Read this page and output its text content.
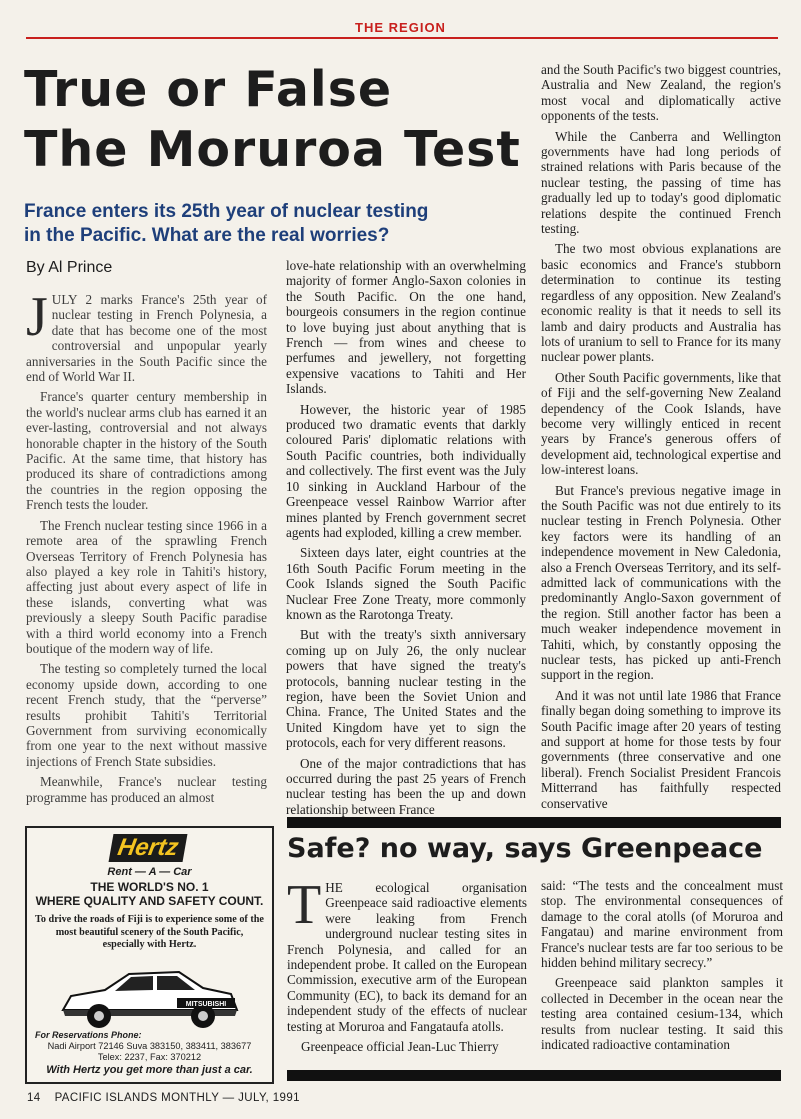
THE REGION
True or False
The Moruroa Test
France enters its 25th year of nuclear testing
in the Pacific. What are the real worries?
By Al Prince

JULY 2 marks France's 25th year of nuclear testing in French Polynesia, a date that has become one of the most controversial and unpopular yearly anniversaries in the South Pacific since the end of World War II.

France's quarter century membership in the world's nuclear arms club has earned it an ever-lasting, controversial and not always honorable chapter in the history of the South Pacific. At the same time, that history has produced its share of contradictions among the countries in the region opposing the French tests the louder.

The French nuclear testing since 1966 in a remote area of the sprawling French Overseas Territory of French Polynesia has also played a key role in Tahiti's history, affecting just about every aspect of life in these islands, converting what was previously a sleepy South Pacific paradise with a third world economy into a French boutique of the modern way of life.

The testing so completely turned the local economy upside down, according to one recent French study, that the “perverse” results prohibit Tahiti's Territorial Government from surviving economically from one year to the next without massive injections of French State subsidies.

Meanwhile, France's nuclear testing programme has produced an almost

love-hate relationship with an overwhelming majority of former Anglo-Saxon colonies in the South Pacific. On the one hand, bourgeois consumers in the region continue to love buying just about anything that is French — from wines and cheese to perfumes and jewellery, not forgetting expensive vacations to Tahiti and Her Islands.

However, the historic year of 1985 produced two dramatic events that darkly coloured Paris' diplomatic relations with South Pacific countries, both individually and collectively. The first event was the July 10 sinking in Auckland Harbour of the Greenpeace vessel Rainbow Warrior after mines planted by French government secret agents had exploded, killing a crew member.

Sixteen days later, eight countries at the 16th South Pacific Forum meeting in the Cook Islands signed the South Pacific Nuclear Free Zone Treaty, more commonly known as the Rarotonga Treaty.

But with the treaty's sixth anniversary coming up on July 26, the only nuclear powers that have signed the treaty's protocols, banning nuclear testing in the region, have been the Soviet Union and China. France, The United States and the United Kingdom have yet to sign the protocols, each for very different reasons.

One of the major contradictions that has occurred during the past 25 years of French nuclear testing has been the up and down relationship between France

and the South Pacific's two biggest countries, Australia and New Zealand, the region's most vocal and diplomatically active opponents of the tests.

While the Canberra and Wellington governments have had long periods of strained relations with Paris because of the nuclear testing, the passing of time has gradually led up to today's good diplomatic relations despite the continued French testing.

The two most obvious explanations are basic economics and France's stubborn determination to continue its testing regardless of any opposition. New Zealand's economic reality is that it needs to sell its lamb and dairy products and Australia has lots of uranium to sell to France for its many nuclear power plants.

Other South Pacific governments, like that of Fiji and the self-governing New Zealand dependency of the Cook Islands, have become very willingly enticed in recent years by France's generous offers of development aid, technological expertise and low-interest loans.

But France's previous negative image in the South Pacific was not due entirely to its nuclear testing in French Polynesia. Other key factors were its handling of an independence movement in New Caledonia, also a French Overseas Territory, and its self-admitted lack of communications with the predominantly Anglo-Saxon government of the region. Still another factor has been a much weaker independence movement in Tahiti, which, by constantly opposing the nuclear tests, has picked up anti-French support in the region.

And it was not until late 1986 that France finally began doing something to improve its South Pacific image after 20 years of testing and support at home for those tests by four governments (three conservative and one liberal). French Socialist President Francois Mitterrand has faithfully respected conservative

Hertz
Rent — A — Car
THE WORLD'S NO. 1
WHERE QUALITY AND SAFETY COUNT.
To drive the roads of Fiji is to experience some of the most beautiful scenery of the South Pacific, especially with Hertz.
MITSUBISHI
For Reservations Phone:
Nadi Airport 72146 Suva 383150, 383411, 383677
Telex: 2237, Fax: 370212
With Hertz you get more than just a car.
Safe? no way, says Greenpeace

THE ecological organisation Greenpeace said radioactive elements were leaking from French underground nuclear testing sites in French Polynesia, and called for an independent probe. It called on the European Commission, executive arm of the European Community (EC), to back its demand for an independent study of the effects of nuclear testing at Moruroa and Fangataufa atolls.

Greenpeace official Jean-Luc Thierry

said: “The tests and the concealment must stop. The environmental consequences of damage to the coral atolls (of Moruroa and Fangatau) and marine environment from France's nuclear tests are far too serious to be hidden behind military secrecy.”

Greenpeace said plankton samples it collected in December in the ocean near the testing area contained cesium-134, which results from nuclear testing. It said this indicated radioactive contamination

14 PACIFIC ISLANDS MONTHLY — JULY, 1991
